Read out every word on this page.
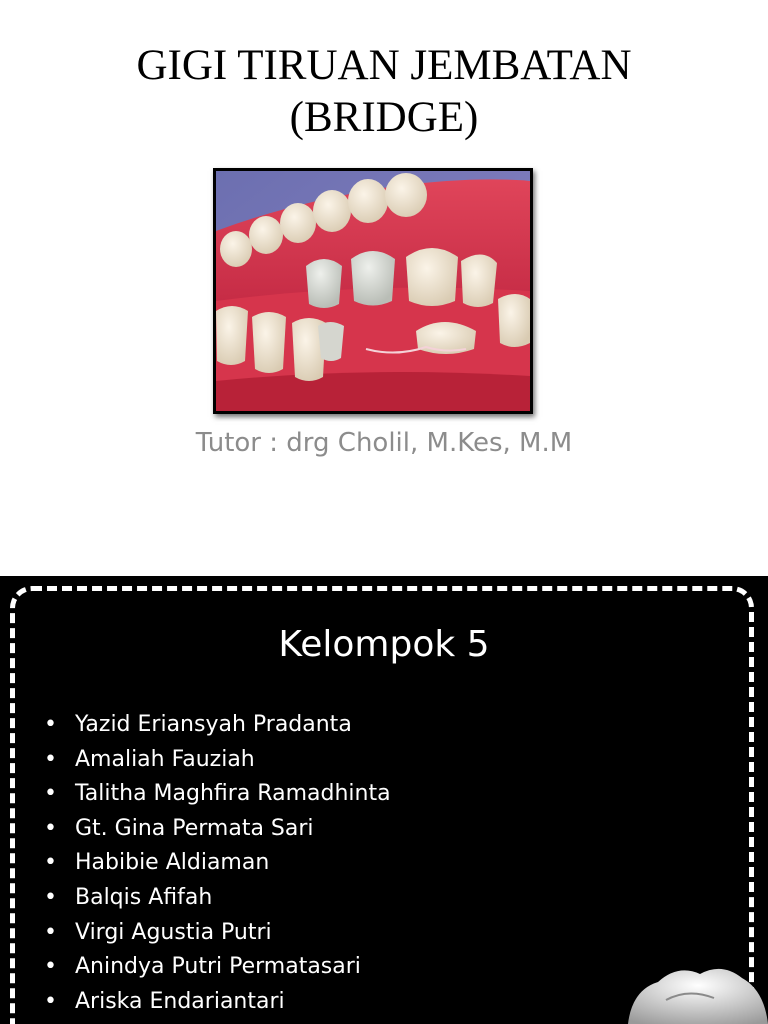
GIGI TIRUAN JEMBATAN
(BRIDGE)
Tutor : drg Cholil, M.Kes, M.M
Kelompok 5
• Yazid Eriansyah Pradanta
• Amaliah Fauziah
• Talitha Maghfira Ramadhinta
• Gt. Gina Permata Sari
• Habibie Aldiaman
• Balqis Afifah
• Virgi Agustia Putri
• Anindya Putri Permatasari
• Ariska Endariantari
